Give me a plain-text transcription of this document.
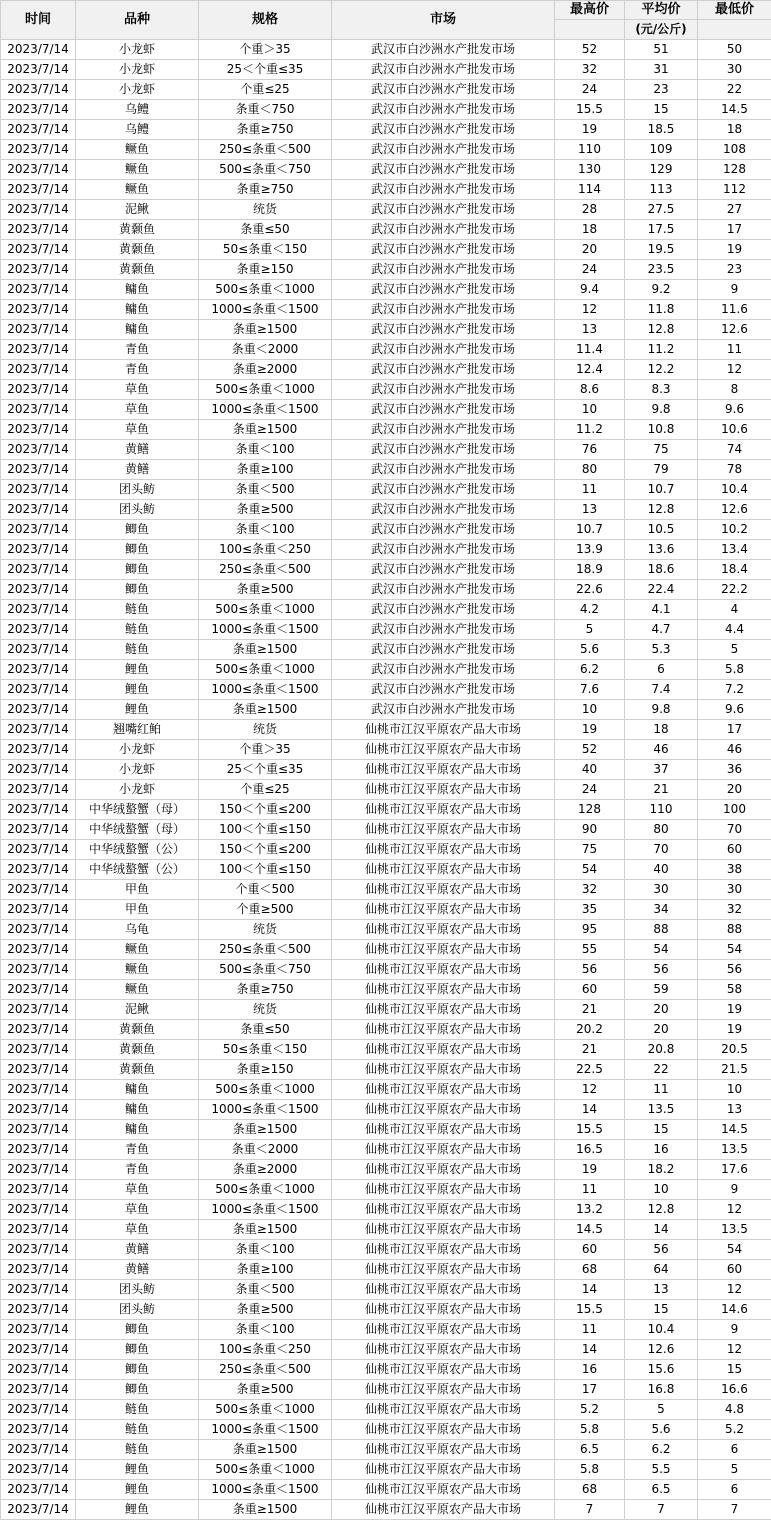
时间	品种	规格	市场	最高价	平均价	最低价
					(元/公斤)	
2023/7/14	小龙虾	个重＞35	武汉市白沙洲水产批发市场	52	51	50
2023/7/14	小龙虾	25＜个重≤35	武汉市白沙洲水产批发市场	32	31	30
2023/7/14	小龙虾	个重≤25	武汉市白沙洲水产批发市场	24	23	22
2023/7/14	乌鳢	条重＜750	武汉市白沙洲水产批发市场	15.5	15	14.5
2023/7/14	乌鳢	条重≥750	武汉市白沙洲水产批发市场	19	18.5	18
2023/7/14	鳜鱼	250≤条重＜500	武汉市白沙洲水产批发市场	110	109	108
2023/7/14	鳜鱼	500≤条重＜750	武汉市白沙洲水产批发市场	130	129	128
2023/7/14	鳜鱼	条重≥750	武汉市白沙洲水产批发市场	114	113	112
2023/7/14	泥鳅	统货	武汉市白沙洲水产批发市场	28	27.5	27
2023/7/14	黄颡鱼	条重≤50	武汉市白沙洲水产批发市场	18	17.5	17
2023/7/14	黄颡鱼	50≤条重＜150	武汉市白沙洲水产批发市场	20	19.5	19
2023/7/14	黄颡鱼	条重≥150	武汉市白沙洲水产批发市场	24	23.5	23
2023/7/14	鳙鱼	500≤条重＜1000	武汉市白沙洲水产批发市场	9.4	9.2	9
2023/7/14	鳙鱼	1000≤条重＜1500	武汉市白沙洲水产批发市场	12	11.8	11.6
2023/7/14	鳙鱼	条重≥1500	武汉市白沙洲水产批发市场	13	12.8	12.6
2023/7/14	青鱼	条重＜2000	武汉市白沙洲水产批发市场	11.4	11.2	11
2023/7/14	青鱼	条重≥2000	武汉市白沙洲水产批发市场	12.4	12.2	12
2023/7/14	草鱼	500≤条重＜1000	武汉市白沙洲水产批发市场	8.6	8.3	8
2023/7/14	草鱼	1000≤条重＜1500	武汉市白沙洲水产批发市场	10	9.8	9.6
2023/7/14	草鱼	条重≥1500	武汉市白沙洲水产批发市场	11.2	10.8	10.6
2023/7/14	黄鳝	条重＜100	武汉市白沙洲水产批发市场	76	75	74
2023/7/14	黄鳝	条重≥100	武汉市白沙洲水产批发市场	80	79	78
2023/7/14	团头鲂	条重＜500	武汉市白沙洲水产批发市场	11	10.7	10.4
2023/7/14	团头鲂	条重≥500	武汉市白沙洲水产批发市场	13	12.8	12.6
2023/7/14	鲫鱼	条重＜100	武汉市白沙洲水产批发市场	10.7	10.5	10.2
2023/7/14	鲫鱼	100≤条重＜250	武汉市白沙洲水产批发市场	13.9	13.6	13.4
2023/7/14	鲫鱼	250≤条重＜500	武汉市白沙洲水产批发市场	18.9	18.6	18.4
2023/7/14	鲫鱼	条重≥500	武汉市白沙洲水产批发市场	22.6	22.4	22.2
2023/7/14	鲢鱼	500≤条重＜1000	武汉市白沙洲水产批发市场	4.2	4.1	4
2023/7/14	鲢鱼	1000≤条重＜1500	武汉市白沙洲水产批发市场	5	4.7	4.4
2023/7/14	鲢鱼	条重≥1500	武汉市白沙洲水产批发市场	5.6	5.3	5
2023/7/14	鲤鱼	500≤条重＜1000	武汉市白沙洲水产批发市场	6.2	6	5.8
2023/7/14	鲤鱼	1000≤条重＜1500	武汉市白沙洲水产批发市场	7.6	7.4	7.2
2023/7/14	鲤鱼	条重≥1500	武汉市白沙洲水产批发市场	10	9.8	9.6
2023/7/14	翘嘴红鲌	统货	仙桃市江汉平原农产品大市场	19	18	17
2023/7/14	小龙虾	个重＞35	仙桃市江汉平原农产品大市场	52	46	46
2023/7/14	小龙虾	25＜个重≤35	仙桃市江汉平原农产品大市场	40	37	36
2023/7/14	小龙虾	个重≤25	仙桃市江汉平原农产品大市场	24	21	20
2023/7/14	中华绒螯蟹（母）	150＜个重≤200	仙桃市江汉平原农产品大市场	128	110	100
2023/7/14	中华绒螯蟹（母）	100＜个重≤150	仙桃市江汉平原农产品大市场	90	80	70
2023/7/14	中华绒螯蟹（公）	150＜个重≤200	仙桃市江汉平原农产品大市场	75	70	60
2023/7/14	中华绒螯蟹（公）	100＜个重≤150	仙桃市江汉平原农产品大市场	54	40	38
2023/7/14	甲鱼	个重＜500	仙桃市江汉平原农产品大市场	32	30	30
2023/7/14	甲鱼	个重≥500	仙桃市江汉平原农产品大市场	35	34	32
2023/7/14	乌龟	统货	仙桃市江汉平原农产品大市场	95	88	88
2023/7/14	鳜鱼	250≤条重＜500	仙桃市江汉平原农产品大市场	55	54	54
2023/7/14	鳜鱼	500≤条重＜750	仙桃市江汉平原农产品大市场	56	56	56
2023/7/14	鳜鱼	条重≥750	仙桃市江汉平原农产品大市场	60	59	58
2023/7/14	泥鳅	统货	仙桃市江汉平原农产品大市场	21	20	19
2023/7/14	黄颡鱼	条重≤50	仙桃市江汉平原农产品大市场	20.2	20	19
2023/7/14	黄颡鱼	50≤条重＜150	仙桃市江汉平原农产品大市场	21	20.8	20.5
2023/7/14	黄颡鱼	条重≥150	仙桃市江汉平原农产品大市场	22.5	22	21.5
2023/7/14	鳙鱼	500≤条重＜1000	仙桃市江汉平原农产品大市场	12	11	10
2023/7/14	鳙鱼	1000≤条重＜1500	仙桃市江汉平原农产品大市场	14	13.5	13
2023/7/14	鳙鱼	条重≥1500	仙桃市江汉平原农产品大市场	15.5	15	14.5
2023/7/14	青鱼	条重＜2000	仙桃市江汉平原农产品大市场	16.5	16	13.5
2023/7/14	青鱼	条重≥2000	仙桃市江汉平原农产品大市场	19	18.2	17.6
2023/7/14	草鱼	500≤条重＜1000	仙桃市江汉平原农产品大市场	11	10	9
2023/7/14	草鱼	1000≤条重＜1500	仙桃市江汉平原农产品大市场	13.2	12.8	12
2023/7/14	草鱼	条重≥1500	仙桃市江汉平原农产品大市场	14.5	14	13.5
2023/7/14	黄鳝	条重＜100	仙桃市江汉平原农产品大市场	60	56	54
2023/7/14	黄鳝	条重≥100	仙桃市江汉平原农产品大市场	68	64	60
2023/7/14	团头鲂	条重＜500	仙桃市江汉平原农产品大市场	14	13	12
2023/7/14	团头鲂	条重≥500	仙桃市江汉平原农产品大市场	15.5	15	14.6
2023/7/14	鲫鱼	条重＜100	仙桃市江汉平原农产品大市场	11	10.4	9
2023/7/14	鲫鱼	100≤条重＜250	仙桃市江汉平原农产品大市场	14	12.6	12
2023/7/14	鲫鱼	250≤条重＜500	仙桃市江汉平原农产品大市场	16	15.6	15
2023/7/14	鲫鱼	条重≥500	仙桃市江汉平原农产品大市场	17	16.8	16.6
2023/7/14	鲢鱼	500≤条重＜1000	仙桃市江汉平原农产品大市场	5.2	5	4.8
2023/7/14	鲢鱼	1000≤条重＜1500	仙桃市江汉平原农产品大市场	5.8	5.6	5.2
2023/7/14	鲢鱼	条重≥1500	仙桃市江汉平原农产品大市场	6.5	6.2	6
2023/7/14	鲤鱼	500≤条重＜1000	仙桃市江汉平原农产品大市场	5.8	5.5	5
2023/7/14	鲤鱼	1000≤条重＜1500	仙桃市江汉平原农产品大市场	68	6.5	6
2023/7/14	鲤鱼	条重≥1500	仙桃市江汉平原农产品大市场	7	7	7
